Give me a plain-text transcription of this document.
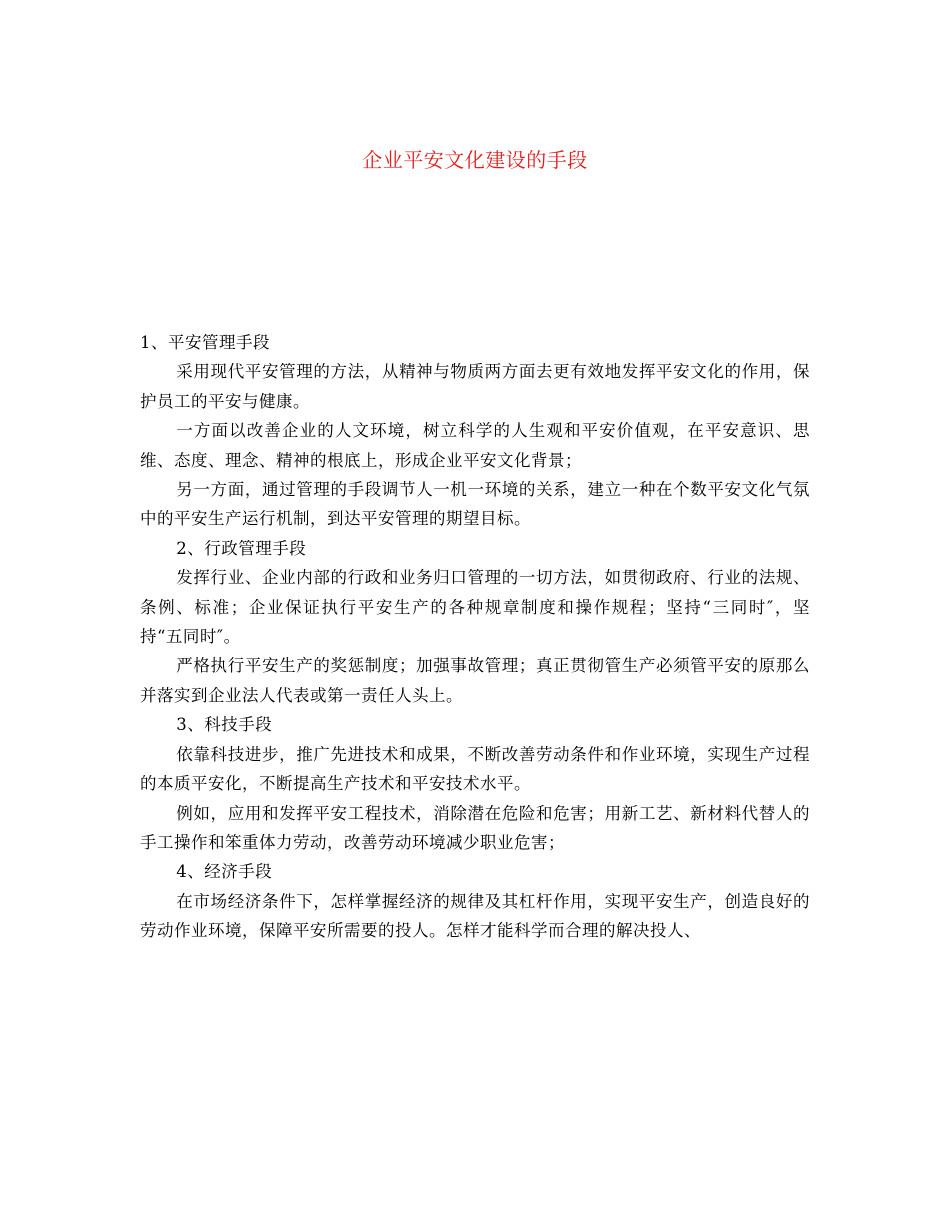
企业平安文化建设的手段

1、平安管理手段

采用现代平安管理的方法，从精神与物质两方面去更有效地发挥平安文化的作用，保护员工的平安与健康。

一方面以改善企业的人文环境，树立科学的人生观和平安价值观，在平安意识、思维、态度、理念、精神的根底上，形成企业平安文化背景；

另一方面，通过管理的手段调节人一机一环境的关系，建立一种在个数平安文化气氛中的平安生产运行机制，到达平安管理的期望目标。

2、行政管理手段

发挥行业、企业内部的行政和业务归口管理的一切方法，如贯彻政府、行业的法规、条例、标准；企业保证执行平安生产的各种规章制度和操作规程；坚持“三同时″，坚持“五同时″。

严格执行平安生产的奖惩制度；加强事故管理；真正贯彻管生产必须管平安的原那么并落实到企业法人代表或第一责任人头上。

3、科技手段

依靠科技进步，推广先进技术和成果，不断改善劳动条件和作业环境，实现生产过程的本质平安化，不断提高生产技术和平安技术水平。

例如，应用和发挥平安工程技术，消除潜在危险和危害；用新工艺、新材料代替人的手工操作和笨重体力劳动，改善劳动环境减少职业危害；

4、经济手段

在市场经济条件下，怎样掌握经济的规律及其杠杆作用，实现平安生产，创造良好的劳动作业环境，保障平安所需要的投人。怎样才能科学而合理的解决投人、
